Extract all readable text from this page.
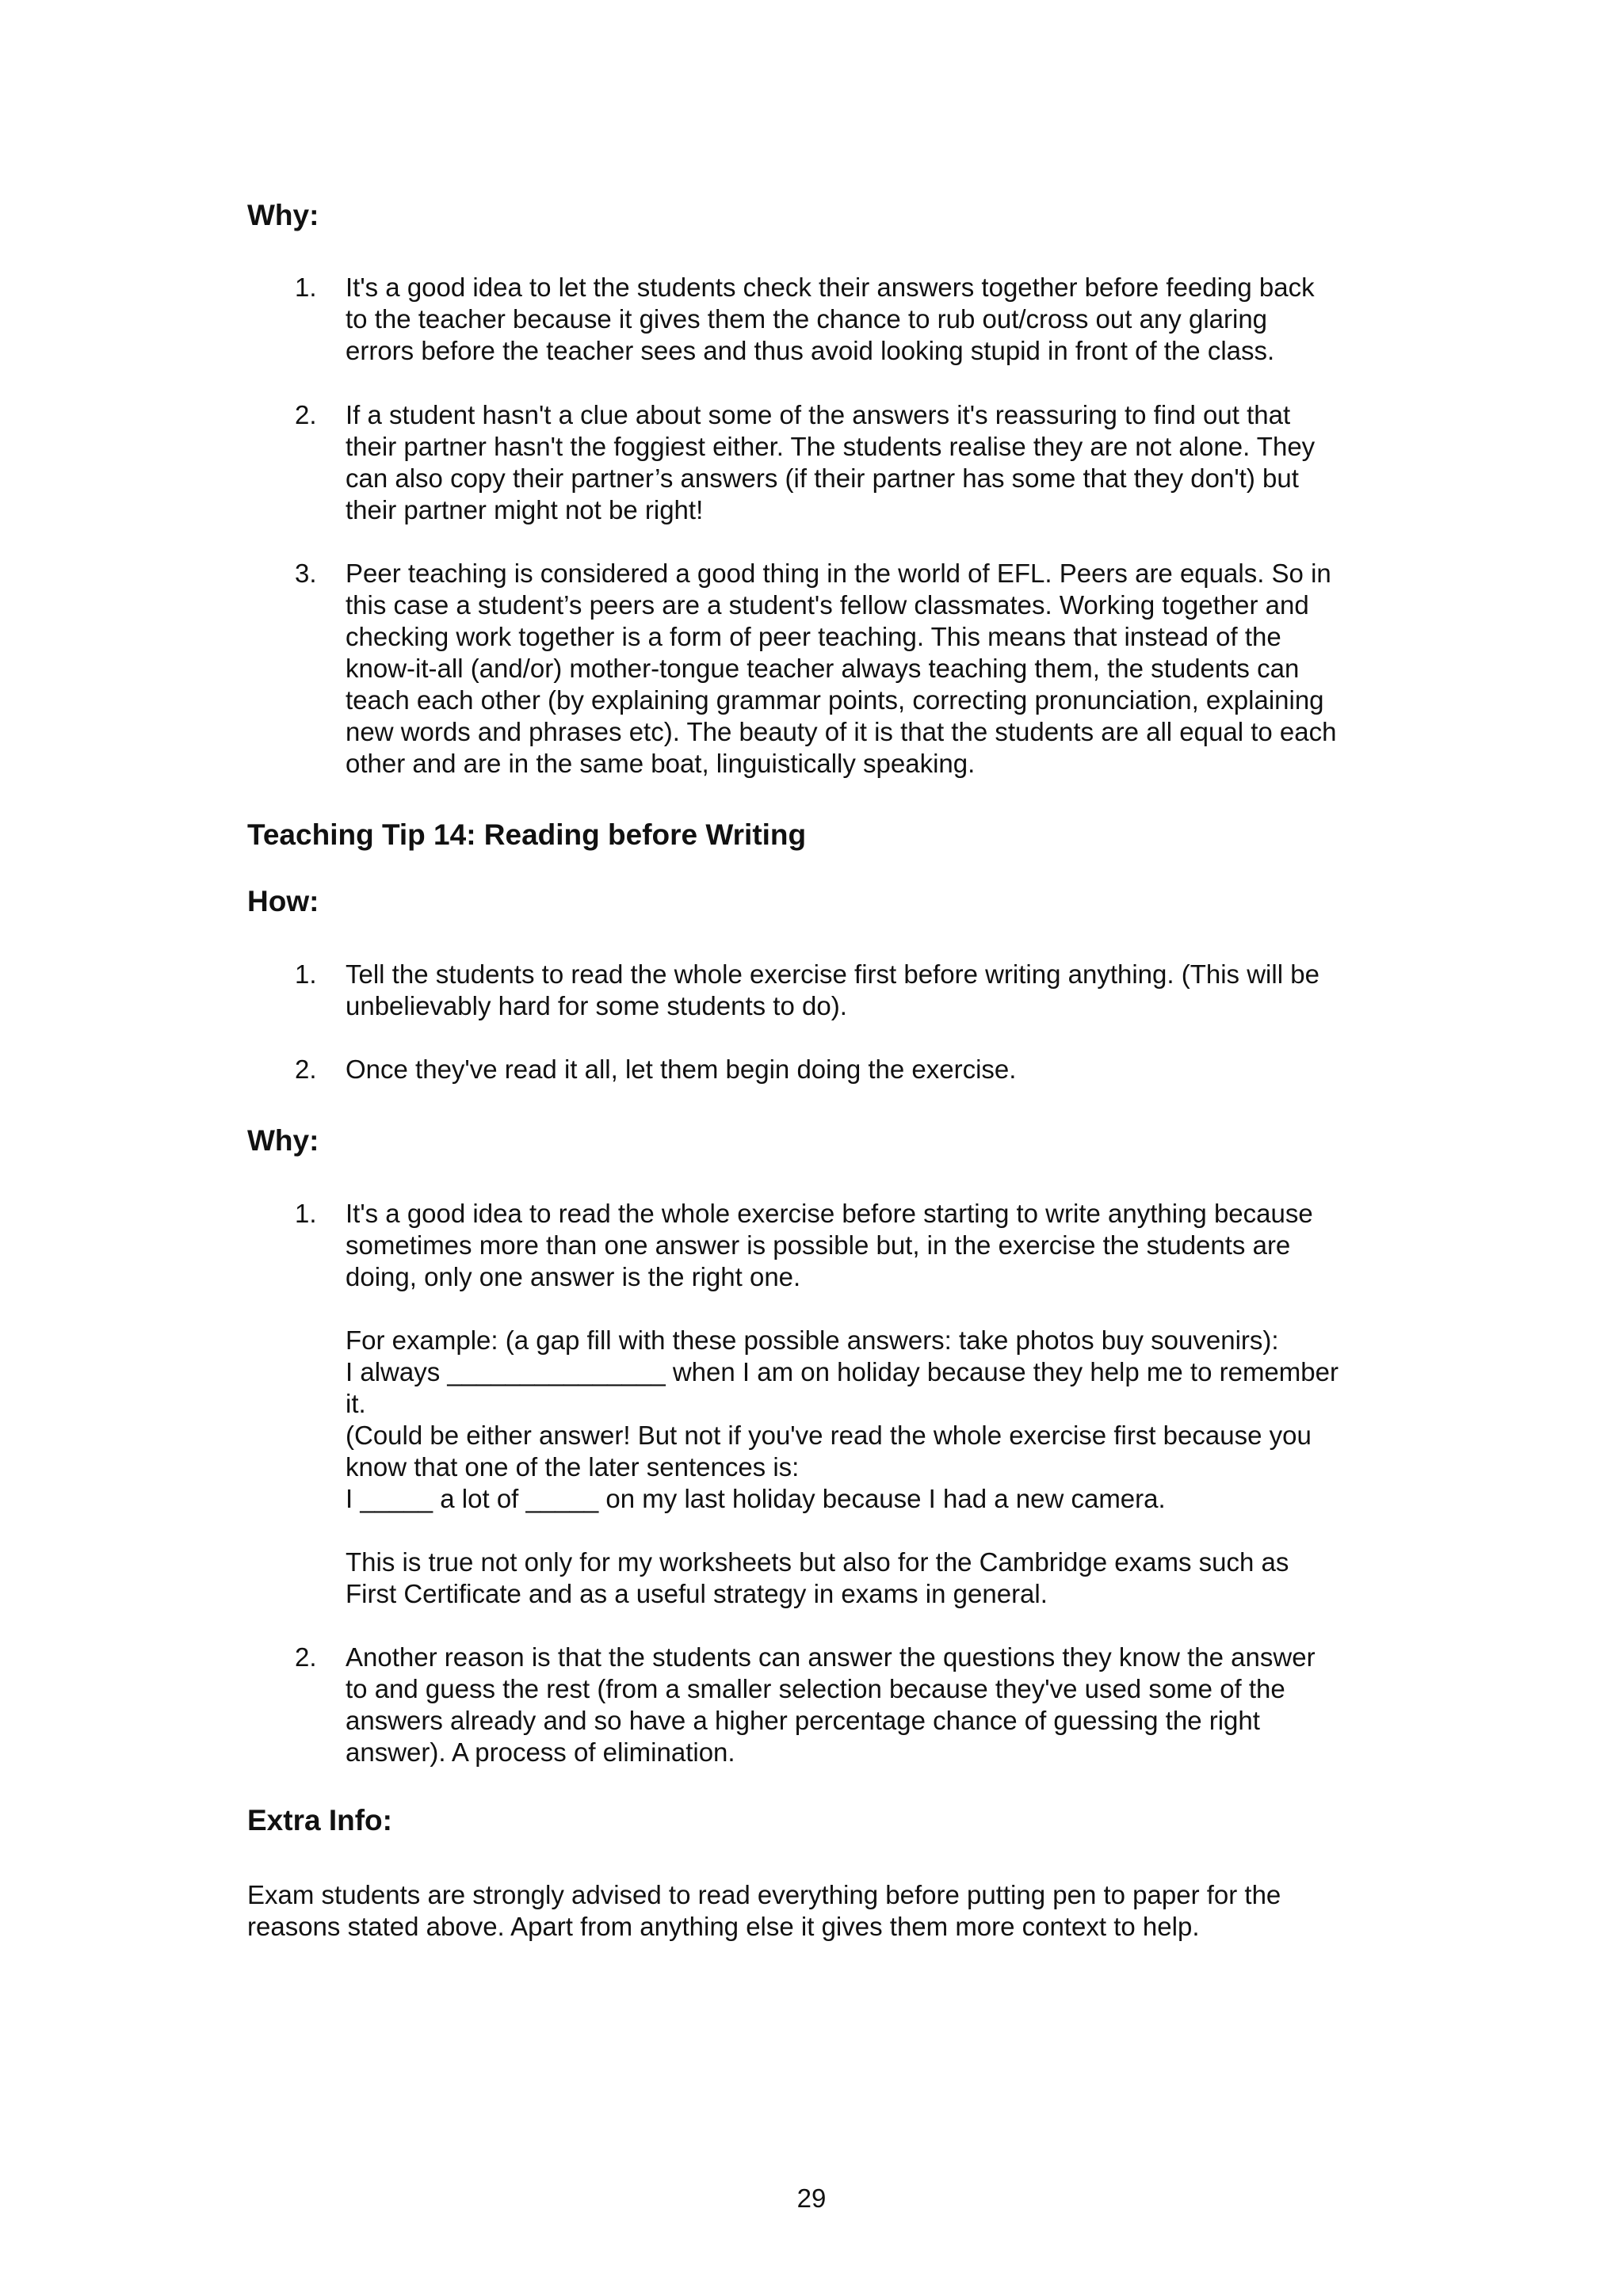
Why:
1.	It's a good idea to let the students check their answers together before feeding back
to the teacher because it gives them the chance to rub out/cross out any glaring
errors before the teacher sees and thus avoid looking stupid in front of the class.
2.	If a student hasn't a clue about some of the answers it's reassuring to find out that
their partner hasn't the foggiest either. The students realise they are not alone. They
can also copy their partner’s answers (if their partner has some that they don't) but
their partner might not be right!
3.	Peer teaching is considered a good thing in the world of EFL. Peers are equals. So in
this case a student’s peers are a student's fellow classmates. Working together and
checking work together is a form of peer teaching. This means that instead of the
know-it-all (and/or) mother-tongue teacher always teaching them, the students can
teach each other (by explaining grammar points, correcting pronunciation, explaining
new words and phrases etc). The beauty of it is that the students are all equal to each
other and are in the same boat, linguistically speaking.
Teaching Tip 14: Reading before Writing
How:
1.	Tell the students to read the whole exercise first before writing anything. (This will be
unbelievably hard for some students to do).
2.	Once they've read it all, let them begin doing the exercise.
Why:
1.	It's a good idea to read the whole exercise before starting to write anything because
sometimes more than one answer is possible but, in the exercise the students are
doing, only one answer is the right one.
For example: (a gap fill with these possible answers: take photos buy souvenirs):
I always _______________ when I am on holiday because they help me to remember
it.
(Could be either answer! But not if you've read the whole exercise first because you
know that one of the later sentences is:
I _____ a lot of _____ on my last holiday because I had a new camera.
This is true not only for my worksheets but also for the Cambridge exams such as
First Certificate and as a useful strategy in exams in general.
2.	Another reason is that the students can answer the questions they know the answer
to and guess the rest (from a smaller selection because they've used some of the
answers already and so have a higher percentage chance of guessing the right
answer). A process of elimination.
Extra Info:
Exam students are strongly advised to read everything before putting pen to paper for the
reasons stated above. Apart from anything else it gives them more context to help.
29
